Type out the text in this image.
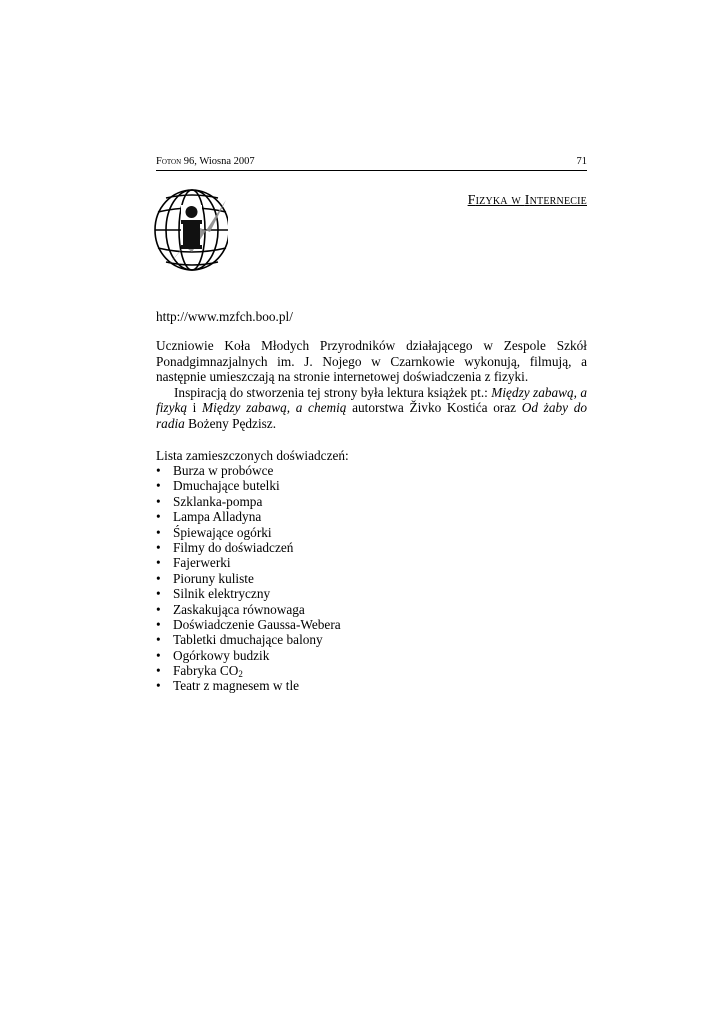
Foton 96, Wiosna 2007	71
Fizyka w Internecie
http://www.mzfch.boo.pl/

Uczniowie Koła Młodych Przyrodników działającego w Zespole Szkół Ponadgimnazjalnych im. J. Nojego w Czarnkowie wykonują, filmują, a następnie umieszczają na stronie internetowej doświadczenia z fizyki.

Inspiracją do stworzenia tej strony była lektura książek pt.: Między zabawą, a fizyką i Między zabawą, a chemią autorstwa Živko Kostića oraz Od żaby do radia Bożeny Pędzisz.

Lista zamieszczonych doświadczeń:
• Burza w probówce
• Dmuchające butelki
• Szklanka-pompa
• Lampa Alladyna
• Śpiewające ogórki
• Filmy do doświadczeń
• Fajerwerki
• Pioruny kuliste
• Silnik elektryczny
• Zaskakująca równowaga
• Doświadczenie Gaussa-Webera
• Tabletki dmuchające balony
• Ogórkowy budzik
• Fabryka $CO_2$
• Teatr z magnesem w tle
